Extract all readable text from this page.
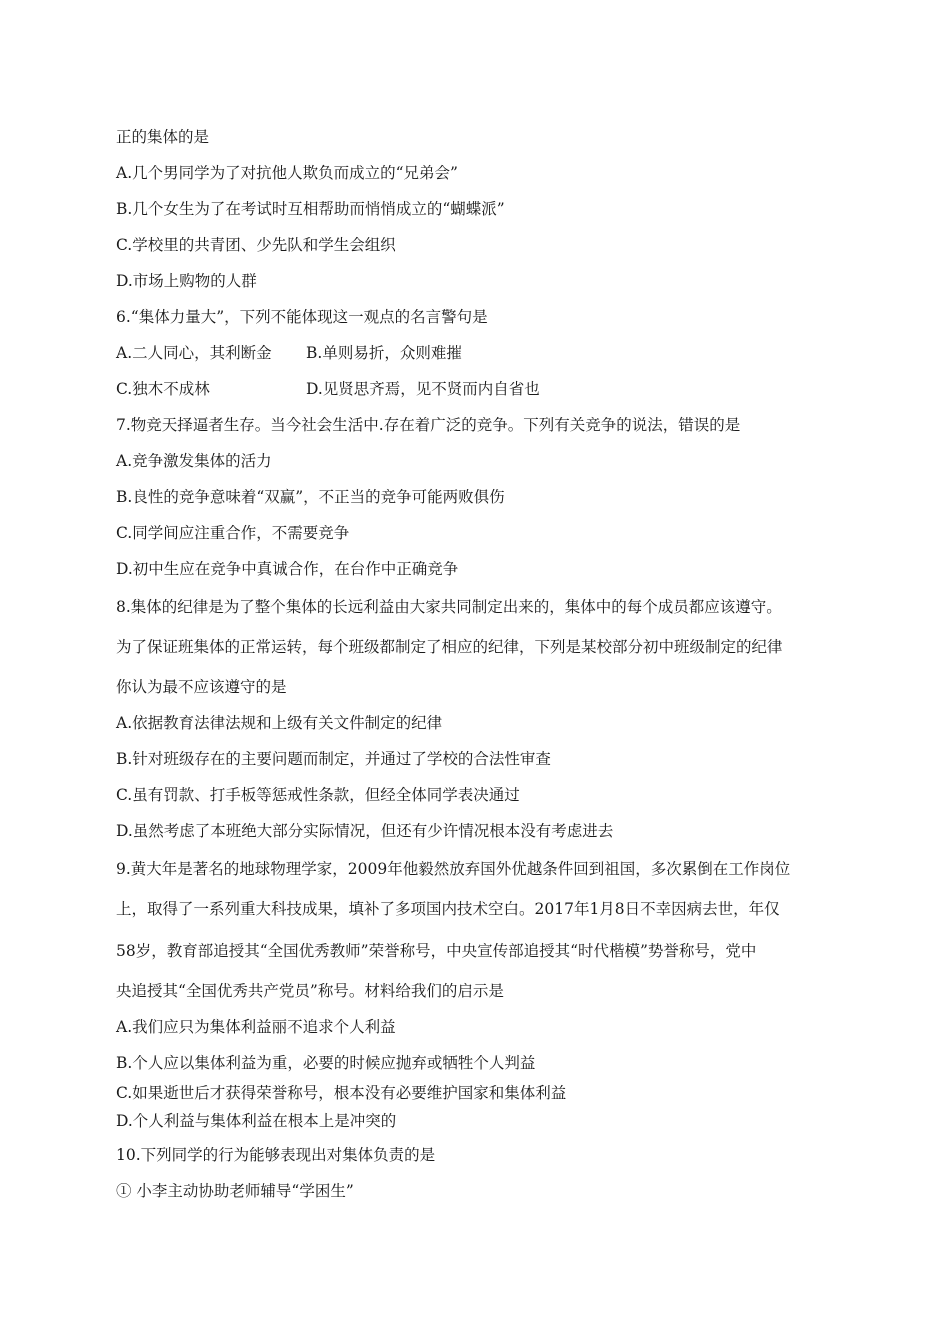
正的集体的是
A.几个男同学为了对抗他人欺负而成立的“兄弟会”
B.几个女生为了在考试时互相帮助而悄悄成立的“蝴蝶派”
C.学校里的共青团、少先队和学生会组织
D.市场上购物的人群
6.“集体力量大”，下列不能体现这一观点的名言警句是
A.二人同心，其利断金 B.单则易折，众则难摧
C.独木不成林	D.见贤思齐焉，见不贤而内自省也
7.物竞天择逼者生存。当今社会生活中.存在着广泛的竞争。下列有关竞争的说法，错误的是
A.竞争激发集体的活力
B.良性的竞争意味着“双赢”，不正当的竞争可能两败俱伤
C.同学间应注重合作，不需要竞争
D.初中生应在竞争中真诚合作，在台作中正确竞争
8.集体的纪律是为了整个集体的长远利益由大家共同制定出来的，集体中的每个成员都应该遵守。
为了保证班集体的正常运转，每个班级都制定了相应的纪律，下列是某校部分初中班级制定的纪律
你认为最不应该遵守的是
A.依据教育法律法规和上级有关文件制定的纪律
B.针对班级存在的主要问题而制定，并通过了学校的合法性审查
C.虽有罚款、打手板等惩戒性条款，但经全体同学表决通过
D.虽然考虑了本班绝大部分实际情况，但还有少许情况根本没有考虑进去
9.黄大年是著名的地球物理学家，2009年他毅然放弃国外优越条件回到祖国，多次累倒在工作岗位
上，取得了一系列重大科技成果，填补了多项国内技术空白。2017年1月8日不幸因病去世，年仅
58岁，教育部追授其“全国优秀教师”荣誉称号，中央宣传部追授其“时代楷模”势誉称号，党中
央追授其“全国优秀共产党员”称号。材料给我们的启示是
A.我们应只为集体利益丽不追求个人利益
B.个人应以集体利益为重，必要的时候应抛弃或牺牲个人判益
C.如果逝世后才获得荣誉称号，根本没有必要维护国家和集体利益
D.个人利益与集体利益在根本上是冲突的
10.下列同学的行为能够表现出对集体负责的是
① 小李主动协助老师辅导“学困生”
